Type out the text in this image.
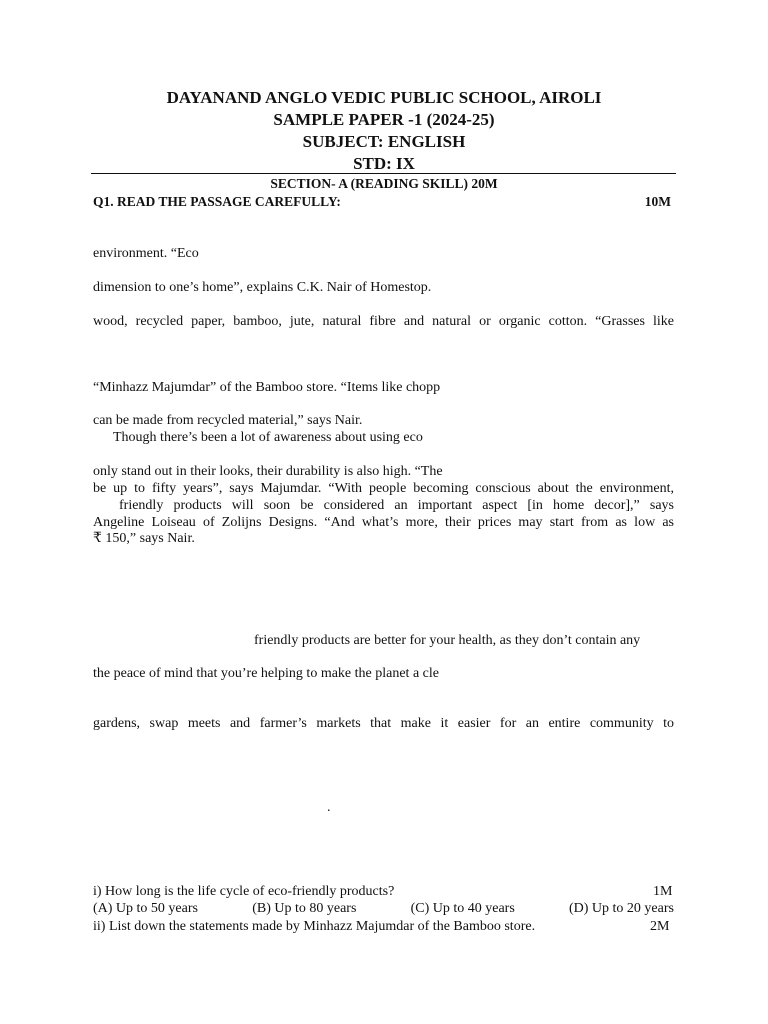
DAYANAND ANGLO VEDIC PUBLIC SCHOOL, AIROLI
SAMPLE PAPER -1 (2024-25)
SUBJECT: ENGLISH
STD: IX
SECTION- A (READING SKILL) 20M
Q1. READ THE PASSAGE CAREFULLY:	10M
environment. “Eco
dimension to one’s home”, explains C.K. Nair of Homestop.
wood, recycled paper, bamboo, jute, natural fibre and natural or organic cotton. “Grasses like
“Minhazz Majumdar” of the Bamboo store. “Items like chopp
can be made from recycled material,” says Nair.
Though there’s been a lot of awareness about using eco
only stand out in their looks, their durability is also high. “The
be up to fifty years”, says Majumdar. “With people becoming conscious about the environment,
friendly products will soon be considered an important aspect [in home decor],” says
Angeline Loiseau of Zolijns Designs. “And what’s more, their prices may start from as low as
₹ 150,” says Nair.
friendly products are better for your health, as they don’t contain any
the peace of mind that you’re helping to make the planet a cle
gardens, swap meets and farmer’s markets that make it easier for an entire community to
.
i) How long is the life cycle of eco-friendly products?	1M
(A) Up to 50 years	(B) Up to 80 years	(C) Up to 40 years	(D) Up to 20 years
ii) List down the statements made by Minhazz Majumdar of the Bamboo store.	2M
